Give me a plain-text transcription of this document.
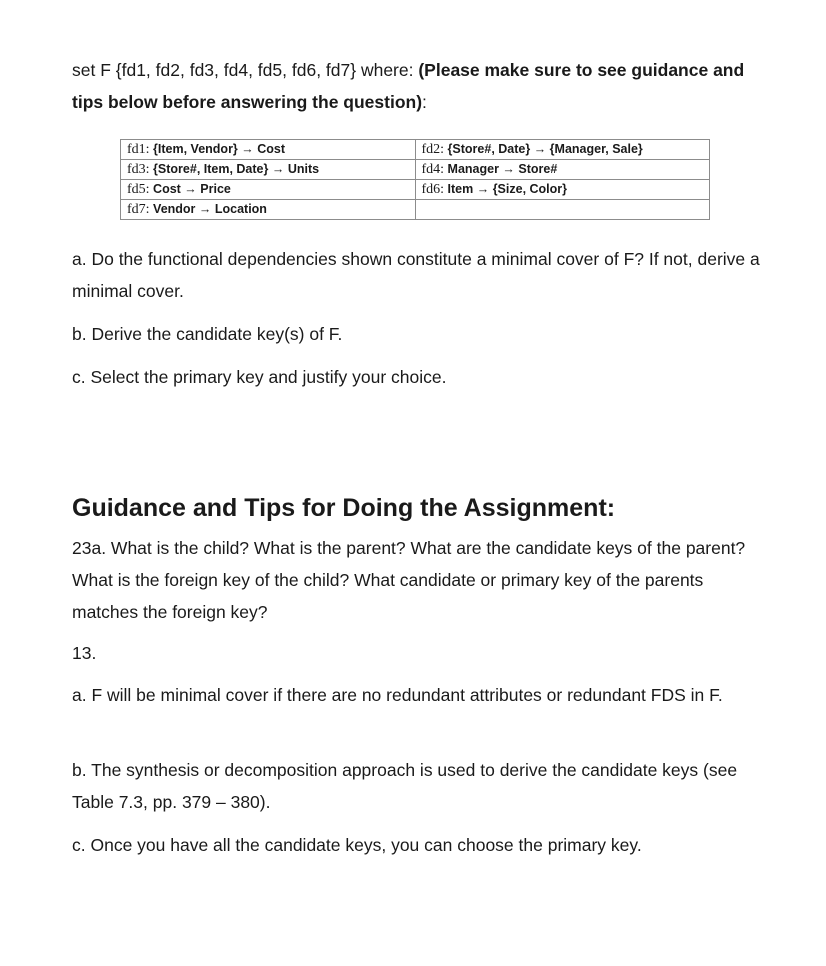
set F {fd1, fd2, fd3, fd4, fd5, fd6, fd7} where: (Please make sure to see guidance and tips below before answering the question):

fd1: {Item, Vendor} → Cost	fd2: {Store#, Date} → {Manager, Sale}
fd3: {Store#, Item, Date} → Units	fd4: Manager → Store#
fd5: Cost → Price	fd6: Item → {Size, Color}
fd7: Vendor → Location	

a. Do the functional dependencies shown constitute a minimal cover of F? If not, derive a minimal cover.

b. Derive the candidate key(s) of F.

c. Select the primary key and justify your choice.

Guidance and Tips for Doing the Assignment:

23a. What is the child? What is the parent? What are the candidate keys of the parent? What is the foreign key of the child? What candidate or primary key of the parents matches the foreign key?

13.

a. F will be minimal cover if there are no redundant attributes or redundant FDS in F.

b. The synthesis or decomposition approach is used to derive the candidate keys (see Table 7.3, pp. 379 – 380).

c. Once you have all the candidate keys, you can choose the primary key.
